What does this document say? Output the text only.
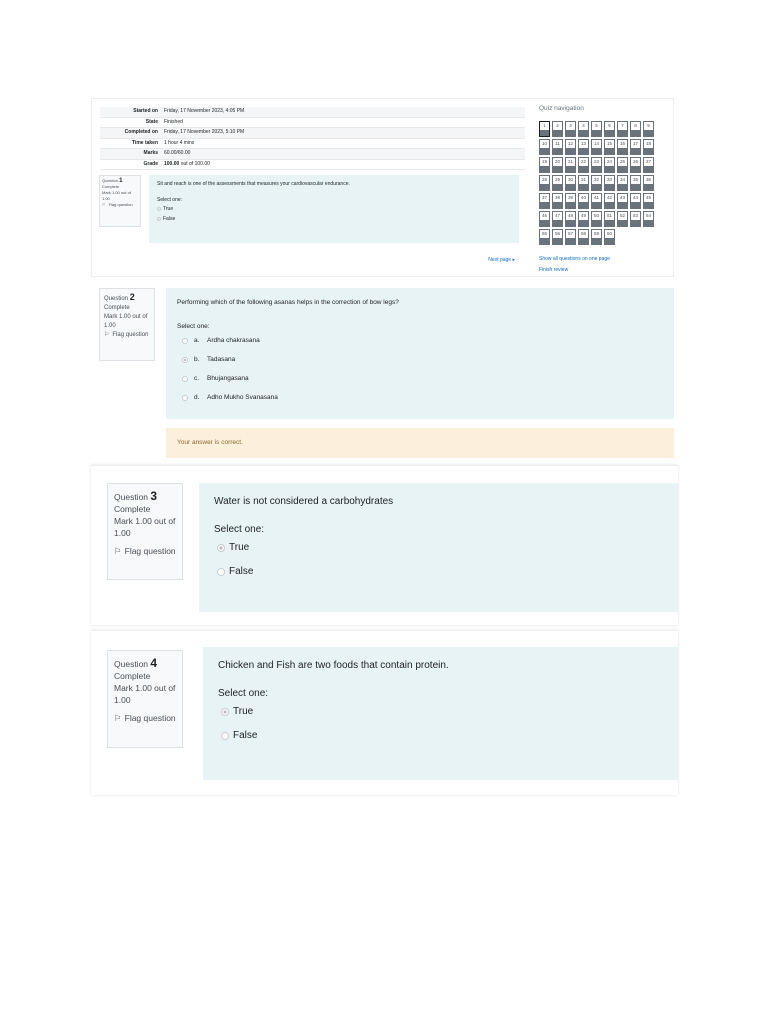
Started on	Friday, 17 November 2023, 4:05 PM
State	Finished
Completed on	Friday, 17 November 2023, 5:10 PM
Time taken	1 hour 4 mins
Marks	60.00/60.00
Grade	100.00 out of 100.00
Question 1
Complete
Mark 1.00 out of 1.00
⚐ Flag question
Sit and reach is one of the assessments that measures your cardiovascular endurance.
Select one:
True
False
Next page ▸
Quiz navigation
1	2	3	4	5	6	7	8	9
10	11	12	13	14	15	16	17	18
19	20	21	22	23	24	25	26	27
28	29	30	31	32	33	34	35	36
37	38	39	40	41	42	43	44	45
46	47	48	49	50	51	52	53	54
55	56	57	58	59	60
Show all questions on one page
Finish review
Question 2
Complete
Mark 1.00 out of 1.00
⚐ Flag question
Performing which of the following asanas helps in the correction of bow legs?
Select one:
a. Ardha chakrasana
b. Tadasana
c. Bhujangasana
d. Adho Mukho Svanasana
Your answer is correct.
Question 3
Complete
Mark 1.00 out of 1.00
⚐ Flag question
Water is not considered a carbohydrates
Select one:
True
False
Question 4
Complete
Mark 1.00 out of 1.00
⚐ Flag question
Chicken and Fish are two foods that contain protein.
Select one:
True
False
